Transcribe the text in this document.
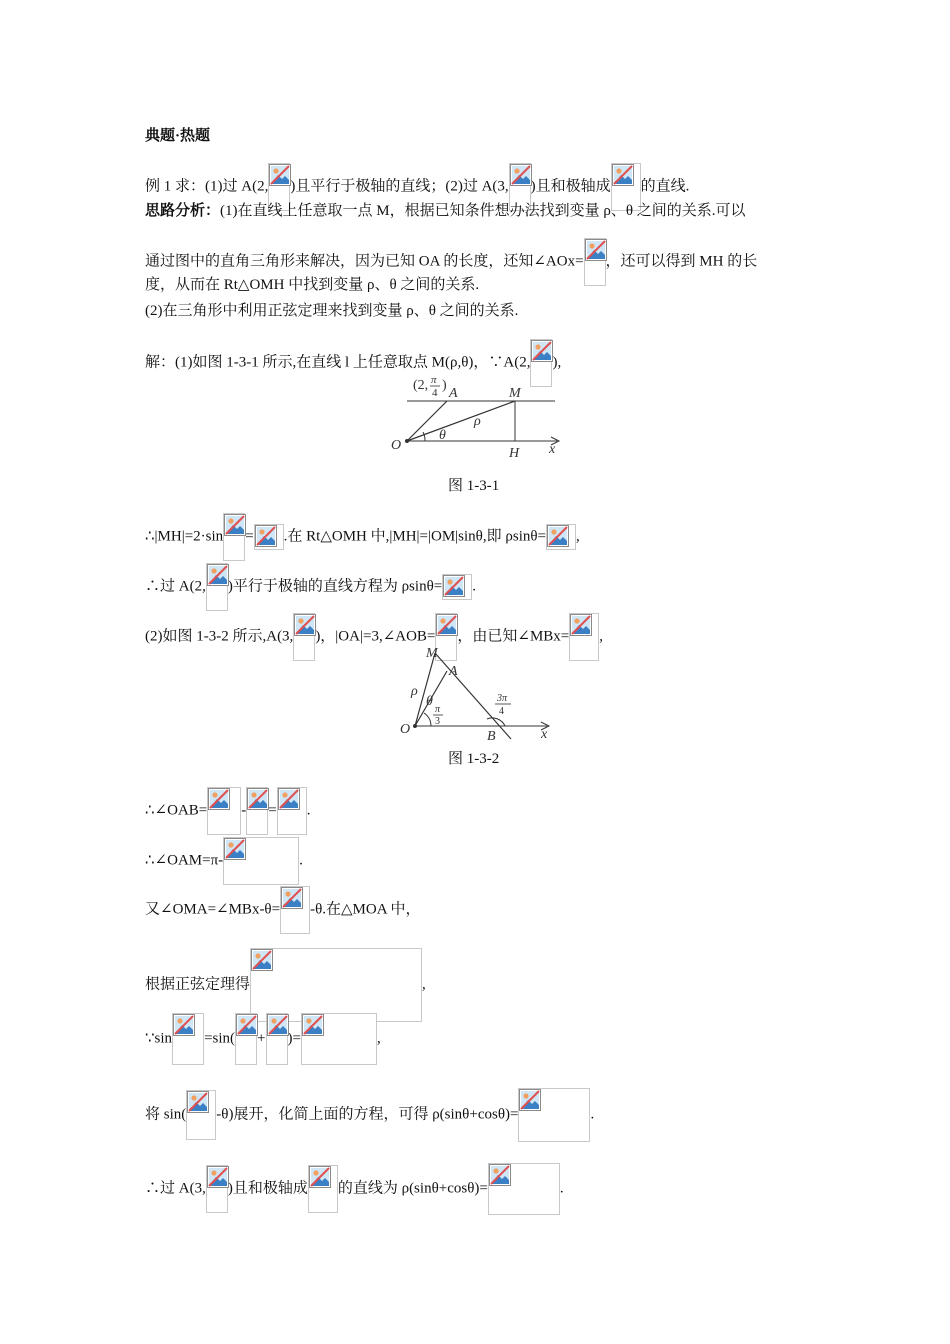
典题·热题
例 1 求：(1)过 A(2, )且平行于极轴的直线；(2)过 A(3, )且和极轴成 的直线.
思路分析：(1)在直线上任意取一点 M，根据已知条件想办法找到变量 ρ、θ 之间的关系.可以
通过图中的直角三角形来解决，因为已知 OA 的长度，还知∠AOx= ，还可以得到 MH 的长
度，从而在 Rt△OMH 中找到变量 ρ、θ 之间的关系.
(2)在三角形中利用正弦定理来找到变量 ρ、θ 之间的关系.
解：(1)如图 1-3-1 所示,在直线 l 上任意取点 M(ρ,θ)，∵A(2, ),
(2, π
4 )
A	M
O
H x
ρ
θ
图 1-3-1
∴|MH|=2·sin = .在 Rt△OMH 中,|MH|=|OM|sinθ,即 ρsinθ= ,
∴过 A(2, )平行于极轴的直线方程为 ρsinθ= .
(2)如图 1-3-2 所示,A(3, )，|OA|=3,∠AOB= ，由已知∠MBx= ,
M
A
O	B	x
ρ
θ
π
3
3π
4
图 1-3-2
∴∠OAB= - = .
∴∠OAM=π-	.
又∠OMA=∠MBx-θ= -θ.在△MOA 中，
根据正弦定理得	,
∵sin =sin( + )=	,
将 sin( -θ)展开，化简上面的方程，可得 ρ(sinθ+cosθ)=	.
∴过 A(3, )且和极轴成 的直线为 ρ(sinθ+cosθ)=	.
